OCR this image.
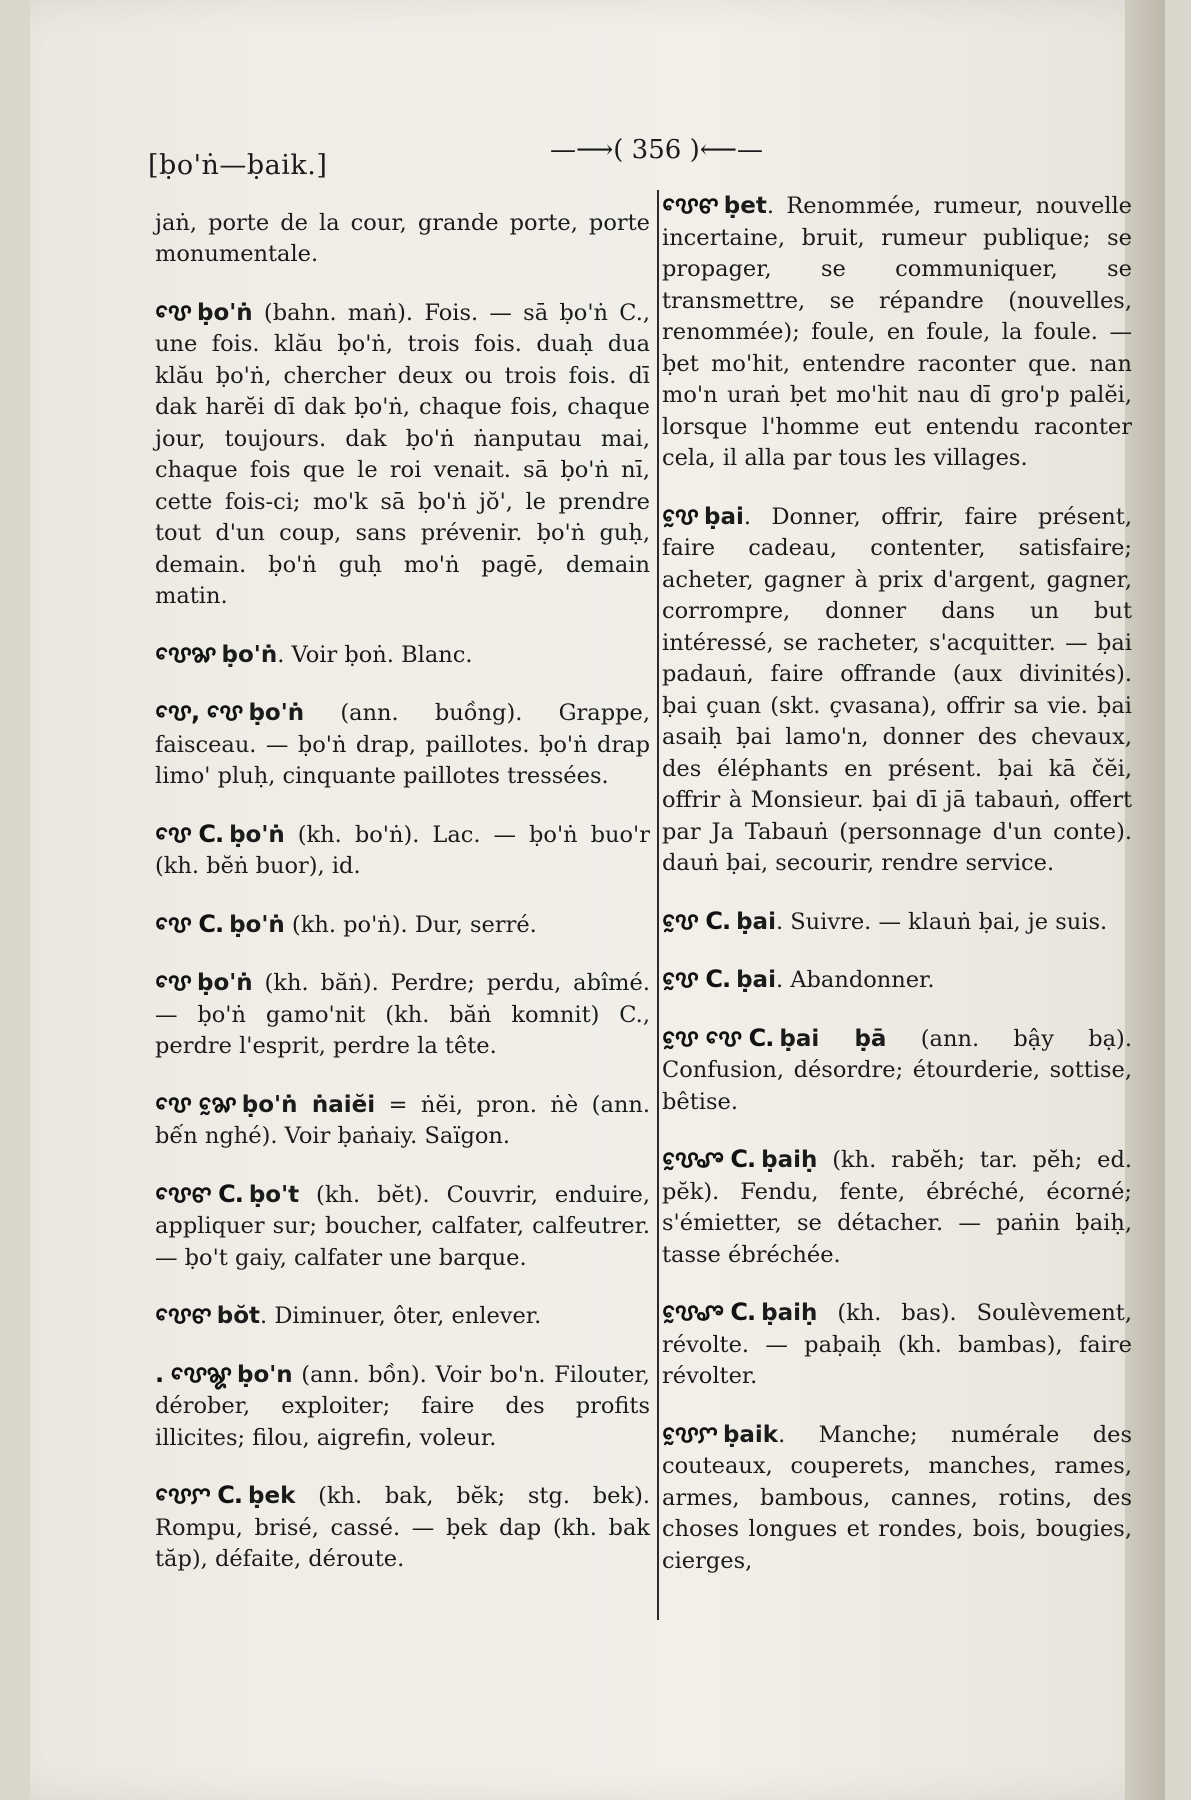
[ḅo'ṅ—ḅaik.]	—⟶( 356 )⟵—

jaṅ, porte de la cour, grande porte, porte monumentale.

ꨝꨯ ḅo'ṅ (bahn. maṅ). Fois. — sā ḅo'ṅ C., une fois. klău ḅo'ṅ, trois fois. duaḥ dua klău ḅo'ṅ, chercher deux ou trois fois. dī dak harĕi dī dak ḅo'ṅ, chaque fois, chaque jour, toujours. dak ḅo'ṅ ṅanputau mai, chaque fois que le roi venait. sā ḅo'ṅ nī, cette fois-ci; mo'k sā ḅo'ṅ jŏ', le prendre tout d'un coup, sans prévenir. ḅo'ṅ guḥ, demain. ḅo'ṅ guḥ mo'ṅ pagē, demain matin.

ꨝꨯꨗ ḅo'ṅ. Voir ḅoṅ. Blanc.

ꨝꨯ, ꨝꨯ ḅo'ṅ (ann. buồng). Grappe, faisceau. — ḅo'ṅ drap, paillotes. ḅo'ṅ drap limo' pluḥ, cinquante paillotes tressées.

ꨝꨯ C. ḅo'ṅ (kh. bo'ṅ). Lac. — ḅo'ṅ buo'r (kh. bĕṅ buor), id.

ꨝꨯ C. ḅo'ṅ (kh. po'ṅ). Dur, serré.

ꨝꨯ ḅo'ṅ (kh. băṅ). Perdre; perdu, abîmé. — ḅo'ṅ gamo'nit (kh. băṅ komnit) C., perdre l'esprit, perdre la tête.

ꨝꨯ ꨗꨰ ḅo'ṅ ṅaiĕi = ṅĕi, pron. ṅè (ann. bến nghé). Voir ḅaṅaiy. Saïgon.

ꨝꨯꨓ C. ḅo't (kh. bĕt). Couvrir, enduire, appliquer sur; boucher, calfater, calfeutrer. — ḅo't gaiy, calfater une barque.

ꨝꨯꨓ bŏt. Diminuer, ôter, enlever.

. ꨝꨯꨘ ḅo'n (ann. bồn). Voir bo'n. Filouter, dérober, exploiter; faire des profits illicites; filou, aigrefin, voleur.

ꨝꨯꨆ C. ḅek (kh. bak, bĕk; stg. bek). Rompu, brisé, cassé. — ḅek dap (kh. bak tăp), défaite, déroute.

ꨝꨯꨓ ḅet. Renommée, rumeur, nouvelle incertaine, bruit, rumeur publique; se propager, se communiquer, se transmettre, se répandre (nouvelles, renommée); foule, en foule, la foule. — ḅet mo'hit, entendre raconter que. nan mo'n uraṅ ḅet mo'hit nau dī gro'p palĕi, lorsque l'homme eut entendu raconter cela, il alla par tous les villages.

ꨝꨰ ḅai. Donner, offrir, faire présent, faire cadeau, contenter, satisfaire; acheter, gagner à prix d'argent, gagner, corrompre, donner dans un but intéressé, se racheter, s'acquitter. — ḅai padauṅ, faire offrande (aux divinités). ḅai çuan (skt. çvasana), offrir sa vie. ḅai asaiḥ ḅai lamo'n, donner des chevaux, des éléphants en présent. ḅai kā čĕi, offrir à Monsieur. ḅai dī jā tabauṅ, offert par Ja Tabauṅ (personnage d'un conte). dauṅ ḅai, secourir, rendre service.

ꨝꨰ C. ḅai. Suivre. — klauṅ ḅai, je suis.

ꨝꨰ C. ḅai. Abandonner.

ꨝꨰ ꨝꨯ C. ḅai ḅā (ann. bậy bạ). Confusion, désordre; étourderie, sottise, bêtise.

ꨝꨰꨨ C. ḅaiḥ (kh. rabĕh; tar. pĕh; ed. pĕk). Fendu, fente, ébréché, écorné; s'émietter, se détacher. — paṅin ḅaiḥ, tasse ébréchée.

ꨝꨰꨨ C. ḅaiḥ (kh. bas). Soulèvement, révolte. — paḅaiḥ (kh. bambas), faire révolter.

ꨝꨰꨆ ḅaik. Manche; numérale des couteaux, couperets, manches, rames, armes, bambous, cannes, rotins, des choses longues et rondes, bois, bougies, cierges,
